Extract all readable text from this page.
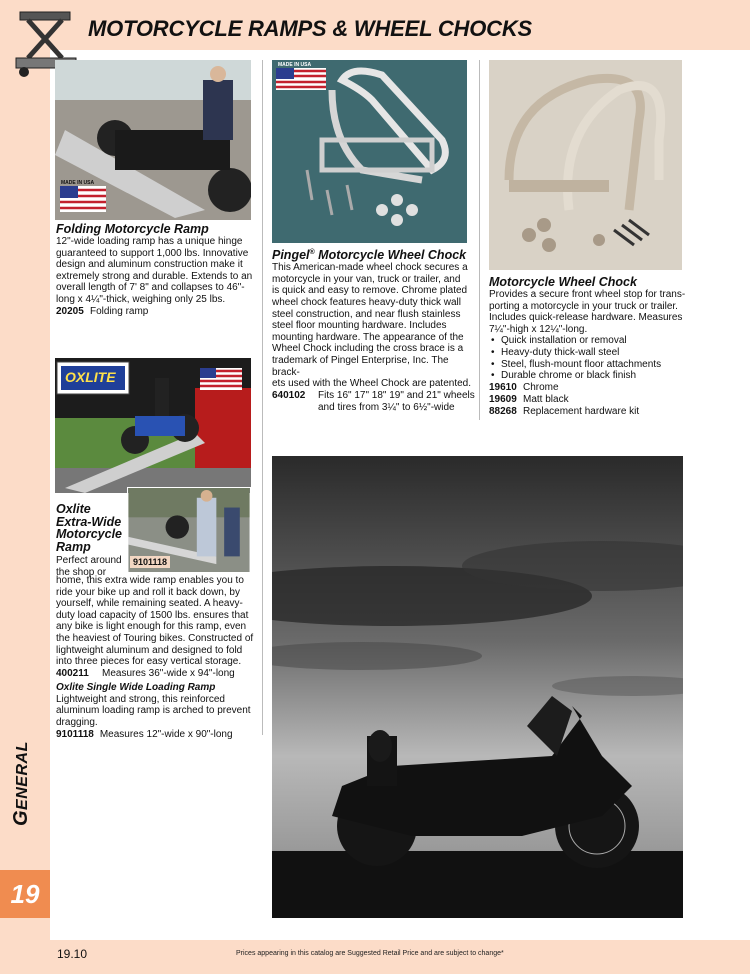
MOTORCYCLE RAMPS & WHEEL CHOCKS
GENERAL
19
19.10	Prices appearing in this catalog are Suggested Retail Price and are subject to change*
MADE IN USA
Folding Motorcycle Ramp
12"-wide loading ramp has a unique hinge
guaranteed to support 1,000 lbs. Innovative
design and aluminum construction make it
extremely strong and durable. Extends to an
overall length of 7' 8" and collapses to 46"-
long x 4¼"-thick, weighing only 25 lbs.
20205 Folding ramp
OXLITE
9101118
Oxlite
Extra-Wide
Motorcycle
Ramp
Perfect around
the shop or
home, this extra wide ramp enables you to
ride your bike up and roll it back down, by
yourself, while remaining seated. A heavy-
duty load capacity of 1500 lbs. ensures that
any bike is light enough for this ramp, even
the heaviest of Touring bikes. Constructed of
lightweight aluminum and designed to fold
into three pieces for easy vertical storage.
400211	Measures 36"-wide x 94"-long
Oxlite Single Wide Loading Ramp
Lightweight and strong, this reinforced
aluminum loading ramp is arched to prevent
dragging.
9101118 Measures 12"-wide x 90"-long
MADE IN USA
Pingel® Motorcycle Wheel Chock
This American-made wheel chock secures a
motorcycle in your van, truck or trailer, and
is quick and easy to remove. Chrome plated
wheel chock features heavy-duty thick wall
steel construction, and near flush stainless
steel floor mounting hardware. Includes
mounting hardware. The appearance of the
Wheel Chock including the cross brace is a
trademark of Pingel Enterprise, Inc. The brack-
ets used with the Wheel Chock are patented.
640102	Fits 16" 17" 18" 19" and 21" wheels
and tires from 3¼" to 6½"-wide
Motorcycle Wheel Chock
Provides a secure front wheel stop for trans-
porting a motorcycle in your truck or trailer.
Includes quick-release hardware. Measures
7¼"-high x 12¼"-long.
• Quick installation or removal
• Heavy-duty thick-wall steel
• Steel, flush-mount floor attachments
• Durable chrome or black finish
19610 Chrome
19609 Matt black
88268 Replacement hardware kit
